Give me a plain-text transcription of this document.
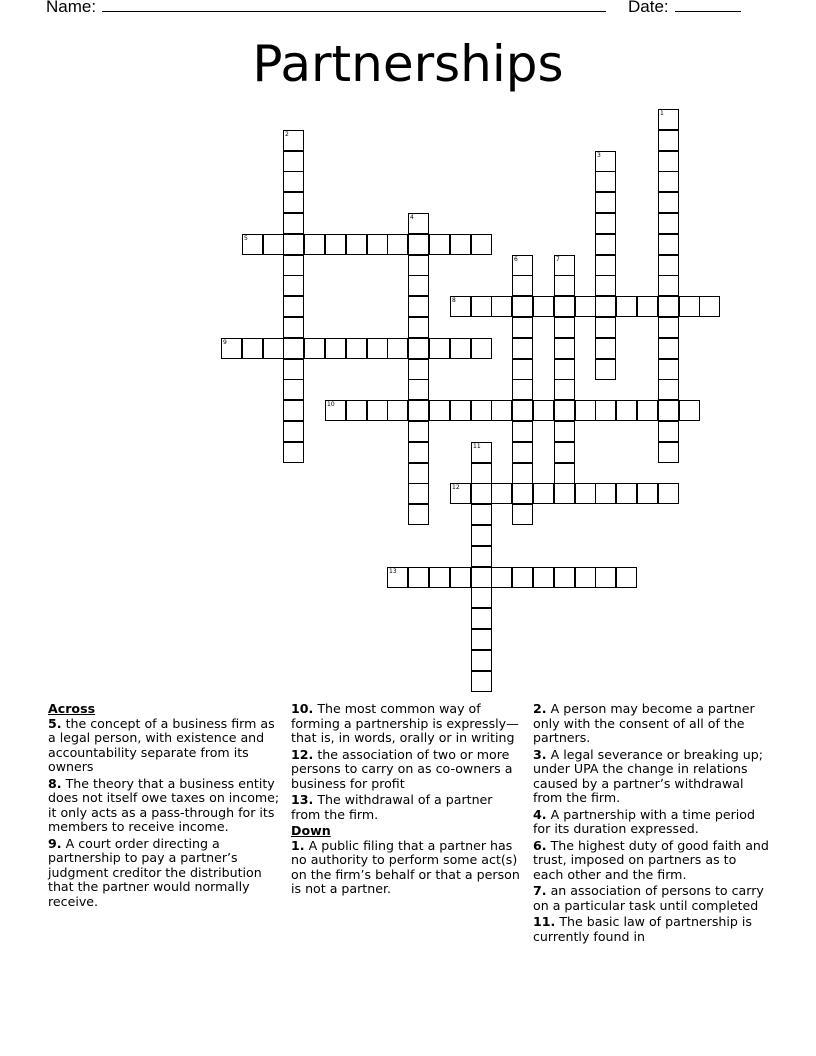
Name:	Date:
Partnerships
1
2
3
4
5
6	7
8
9
10
11
12
13

Across

5. the concept of a business firm as a legal person, with existence and accountability separate from its owners

8. The theory that a business entity does not itself owe taxes on income; it only acts as a pass-through for its members to receive income.

9. A court order directing a partnership to pay a partner’s judgment creditor the distribution that the partner would normally receive.

10. The most common way of forming a partnership is expressly—that is, in words, orally or in writing

12. the association of two or more persons to carry on as co-owners a business for profit

13. The withdrawal of a partner from the firm.

Down

1. A public filing that a partner has no authority to perform some act(s) on the firm’s behalf or that a person is not a partner.

2. A person may become a partner only with the consent of all of the partners.

3. A legal severance or breaking up; under UPA the change in relations caused by a partner’s withdrawal from the firm.

4. A partnership with a time period for its duration expressed.

6. The highest duty of good faith and trust, imposed on partners as to each other and the firm.

7. an association of persons to carry on a particular task until completed

11. The basic law of partnership is currently found in
